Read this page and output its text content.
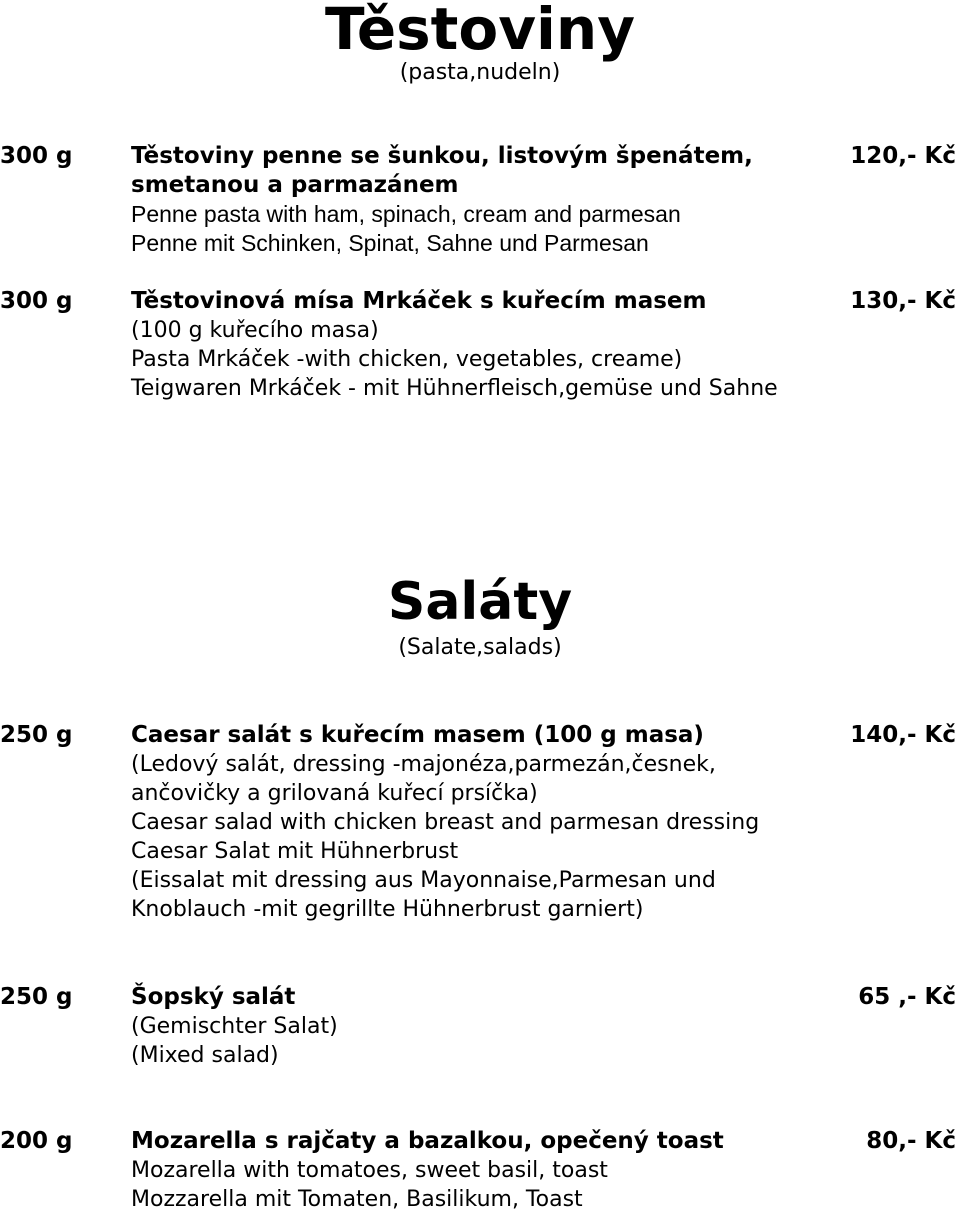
Těstoviny
(pasta,nudeln)
300 g	Těstoviny penne se šunkou, listovým špenátem,
smetanou a parmazánem
Penne pasta with ham, spinach, cream and parmesan
Penne mit Schinken, Spinat, Sahne und Parmesan
120,- Kč
300 g	Těstovinová mísa Mrkáček s kuřecím masem
(100 g kuřecího masa)
Pasta Mrkáček -with chicken, vegetables, creame)
Teigwaren Mrkáček - mit Hühnerfleisch,gemüse und Sahne
130,- Kč
Saláty
(Salate,salads)
250 g	Caesar salát s kuřecím masem (100 g masa)
(Ledový salát, dressing -majonéza,parmezán,česnek,
ančovičky a grilovaná kuřecí prsíčka)
Caesar salad with chicken breast and parmesan dressing
Caesar Salat mit Hühnerbrust
(Eissalat mit dressing aus Mayonnaise,Parmesan und
Knoblauch -mit gegrillte Hühnerbrust garniert)
140,- Kč
250 g	Šopský salát
(Gemischter Salat)
(Mixed salad)
65 ,- Kč
200 g	Mozarella s rajčaty a bazalkou, opečený toast
Mozarella with tomatoes, sweet basil, toast
Mozzarella mit Tomaten, Basilikum, Toast
80,- Kč
